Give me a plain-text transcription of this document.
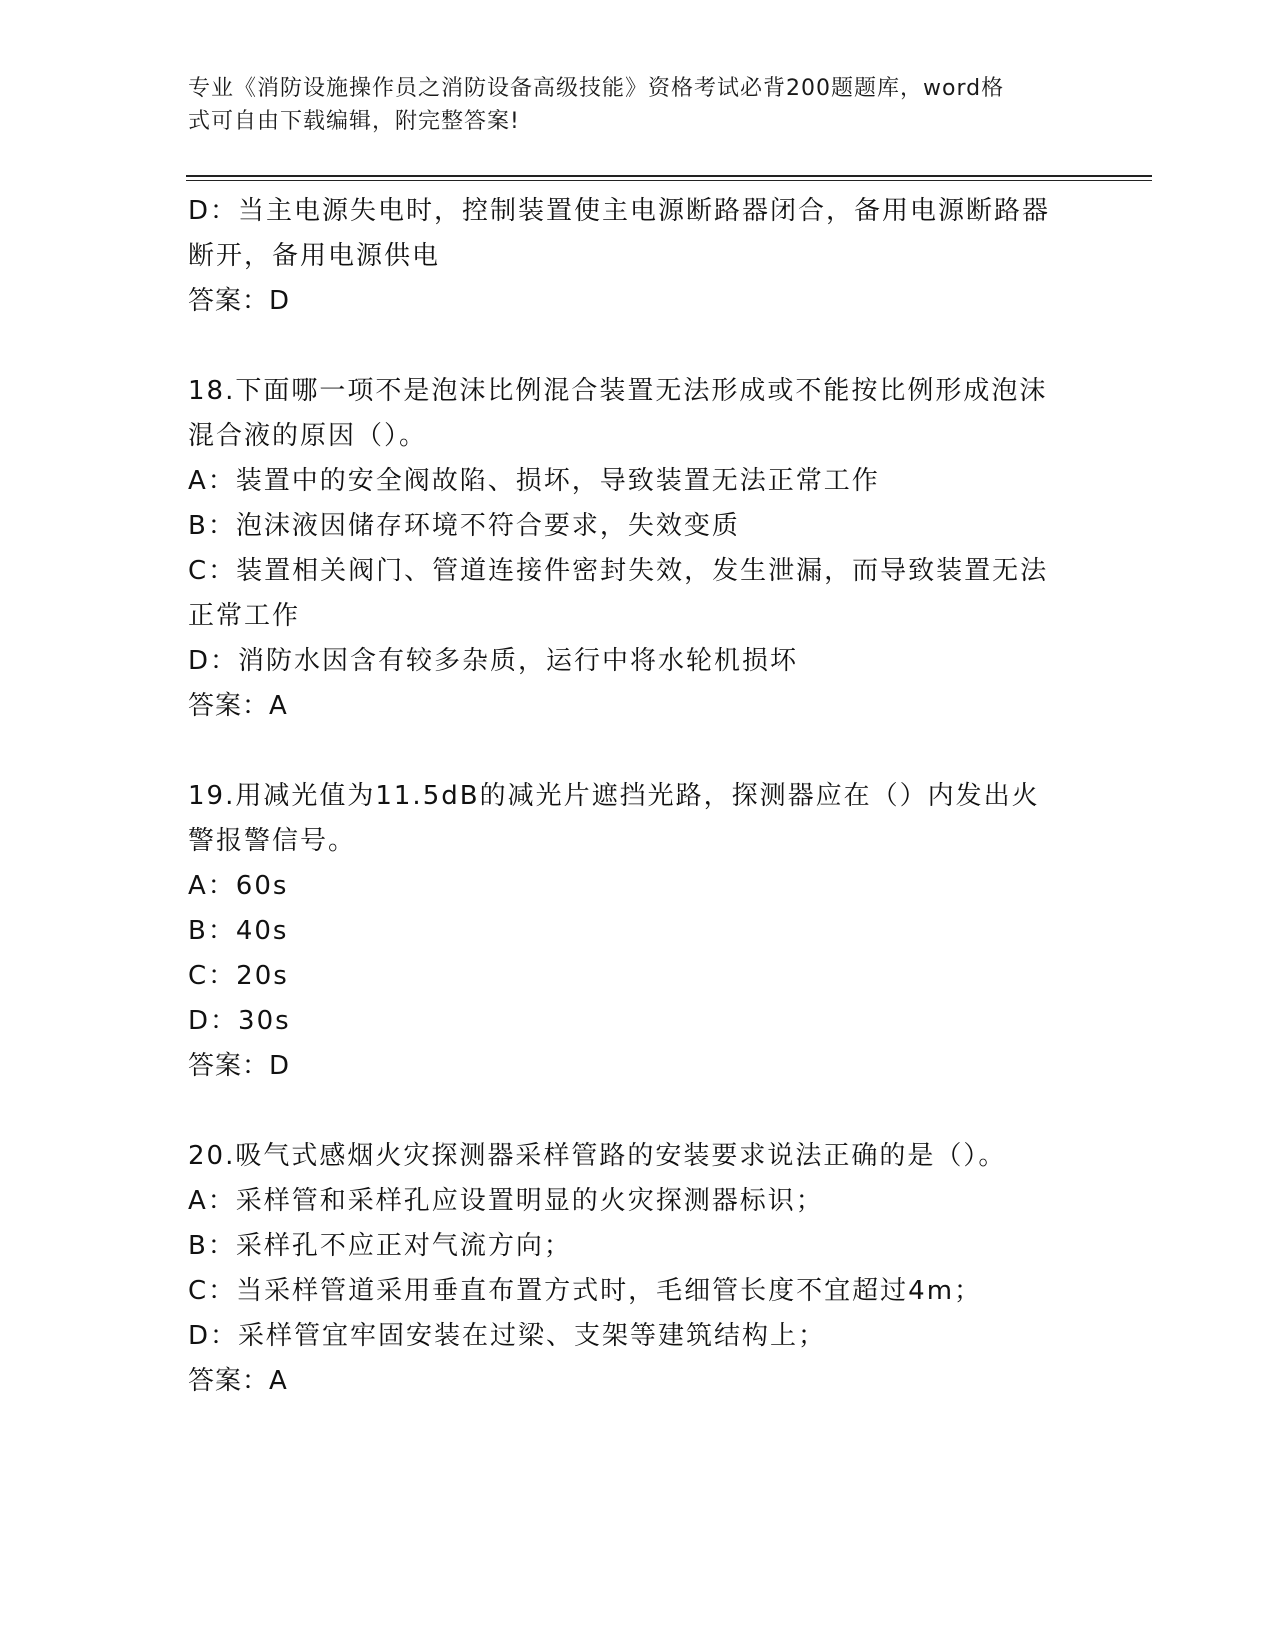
专业《消防设施操作员之消防设备高级技能》资格考试必背200题题库，word格
式可自由下载编辑，附完整答案!
D：当主电源失电时，控制装置使主电源断路器闭合，备用电源断路器
断开，备用电源供电
答案：D
18.下面哪一项不是泡沫比例混合装置无法形成或不能按比例形成泡沫
混合液的原因（）。
A：装置中的安全阀故陷、损坏，导致装置无法正常工作
B：泡沫液因储存环境不符合要求，失效变质
C：装置相关阀门、管道连接件密封失效，发生泄漏，而导致装置无法
正常工作
D：消防水因含有较多杂质，运行中将水轮机损坏
答案：A
19.用减光值为11.5dB的减光片遮挡光路，探测器应在（）内发出火
警报警信号。
A：60s
B：40s
C：20s
D：30s
答案：D
20.吸气式感烟火灾探测器采样管路的安装要求说法正确的是（）。
A：采样管和采样孔应设置明显的火灾探测器标识；
B：采样孔不应正对气流方向；
C：当采样管道采用垂直布置方式时，毛细管长度不宜超过4m；
D：采样管宜牢固安装在过梁、支架等建筑结构上；
答案：A
